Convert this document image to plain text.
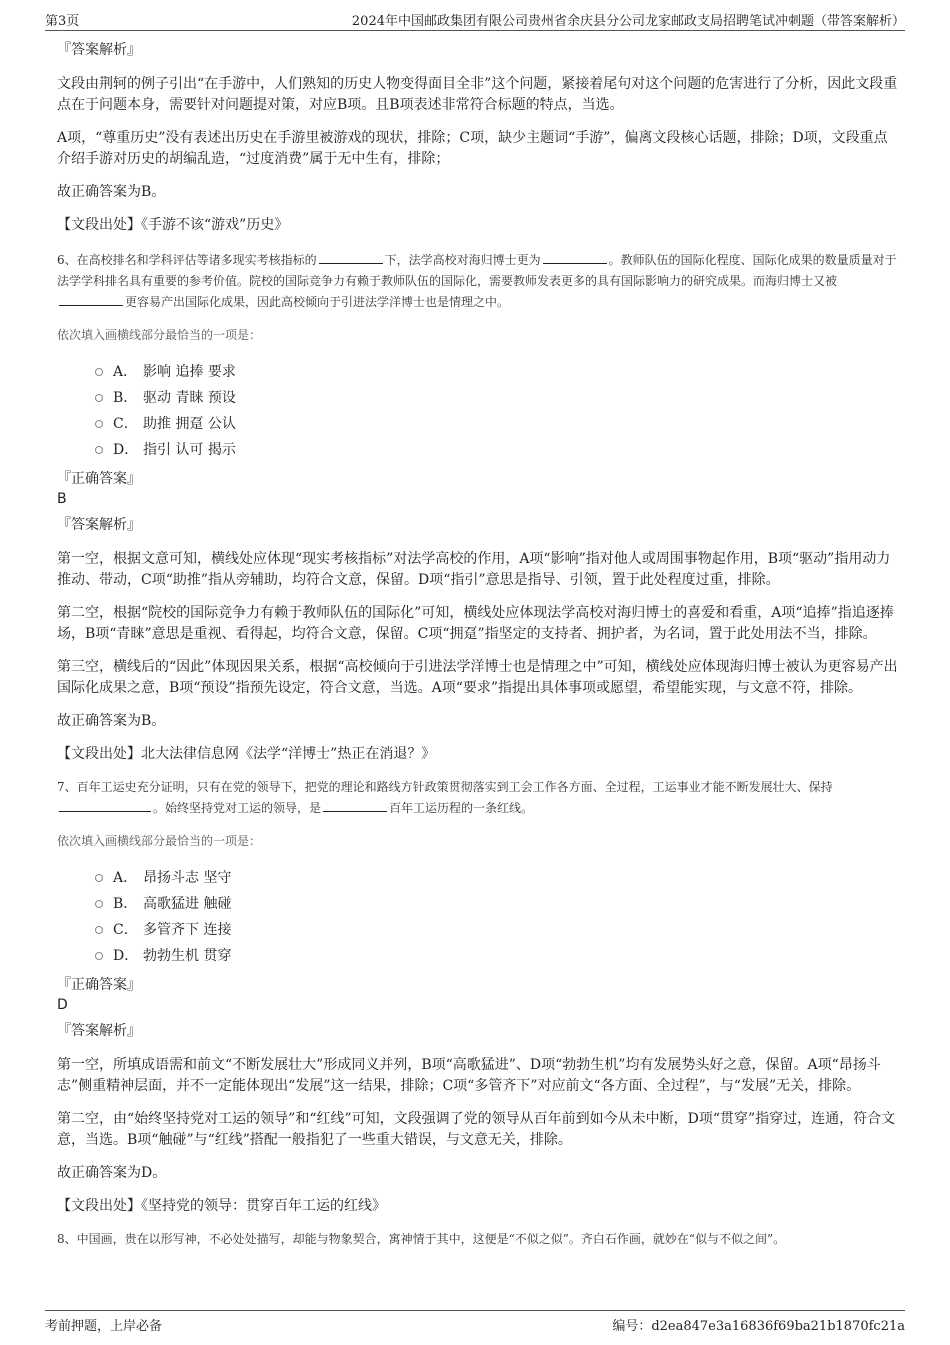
第3页	2024年中国邮政集团有限公司贵州省余庆县分公司龙家邮政支局招聘笔试冲刺题（带答案解析）

『答案解析』

文段由荆轲的例子引出“在手游中，人们熟知的历史人物变得面目全非”这个问题，紧接着尾句对这个问题的危害进行了分析，因此文段重点在于问题本身，需要针对问题提对策，对应B项。且B项表述非常符合标题的特点，当选。

A项，“尊重历史”没有表述出历史在手游里被游戏的现状，排除；C项，缺少主题词“手游”，偏离文段核心话题，排除；D项，文段重点介绍手游对历史的胡编乱造，“过度消费”属于无中生有，排除；

故正确答案为B。

【文段出处】《手游不该“游戏”历史》

6、在高校排名和学科评估等诸多现实考核指标的	下，法学高校对海归博士更为	。教师队伍的国际化程度、国际化成果的数量质量对于法学学科排名具有重要的参考价值。院校的国际竞争力有赖于教师队伍的国际化，需要教师发表更多的具有国际影响力的研究成果。而海归博士又被更容易产出国际化成果，因此高校倾向于引进法学洋博士也是情理之中。

依次填入画横线部分最恰当的一项是：

A． 影响 追捧 要求
B． 驱动 青睐 预设
C． 助推 拥趸 公认
D． 指引 认可 揭示

『正确答案』

B

『答案解析』

第一空，根据文意可知，横线处应体现“现实考核指标”对法学高校的作用，A项“影响”指对他人或周围事物起作用，B项“驱动”指用动力推动、带动，C项“助推”指从旁辅助，均符合文意，保留。D项“指引”意思是指导、引领，置于此处程度过重，排除。

第二空，根据“院校的国际竞争力有赖于教师队伍的国际化”可知，横线处应体现法学高校对海归博士的喜爱和看重，A项“追捧”指追逐捧场，B项“青睐”意思是重视、看得起，均符合文意，保留。C项“拥趸”指坚定的支持者、拥护者，为名词，置于此处用法不当，排除。

第三空，横线后的“因此”体现因果关系，根据“高校倾向于引进法学洋博士也是情理之中”可知，横线处应体现海归博士被认为更容易产出国际化成果之意，B项“预设”指预先设定，符合文意，当选。A项“要求”指提出具体事项或愿望，希望能实现，与文意不符，排除。

故正确答案为B。

【文段出处】北大法律信息网《法学“洋博士”热正在消退？》

7、百年工运史充分证明，只有在党的领导下，把党的理论和路线方针政策贯彻落实到工会工作各方面、全过程，工运事业才能不断发展壮大、保持。始终坚持党对工运的领导，是	百年工运历程的一条红线。

依次填入画横线部分最恰当的一项是：

A． 昂扬斗志 坚守
B． 高歌猛进 触碰
C． 多管齐下 连接
D． 勃勃生机 贯穿

『正确答案』

D

『答案解析』

第一空，所填成语需和前文“不断发展壮大”形成同义并列，B项“高歌猛进”、D项“勃勃生机”均有发展势头好之意，保留。A项“昂扬斗志”侧重精神层面，并不一定能体现出“发展”这一结果，排除；C项“多管齐下”对应前文“各方面、全过程”，与“发展”无关，排除。

第二空，由“始终坚持党对工运的领导”和“红线”可知，文段强调了党的领导从百年前到如今从未中断，D项“贯穿”指穿过，连通，符合文意，当选。B项“触碰”与“红线”搭配一般指犯了一些重大错误，与文意无关，排除。

故正确答案为D。

【文段出处】《坚持党的领导：贯穿百年工运的红线》

8、中国画，贵在以形写神，不必处处描写，却能与物象契合，寓神情于其中，这便是“不似之似”。齐白石作画，就妙在“似与不似之间”。

考前押题，上岸必备	编号：d2ea847e3a16836f69ba21b1870fc21a
